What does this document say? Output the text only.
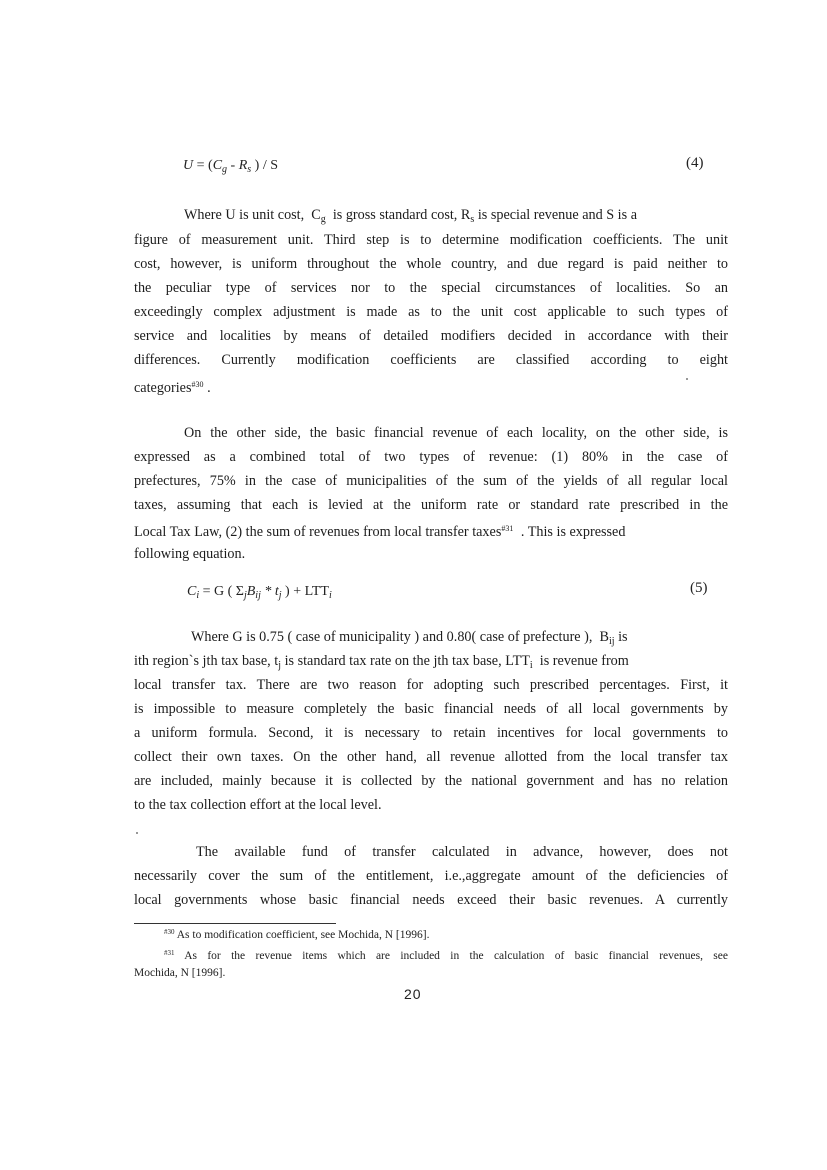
$U = (C_g - R_s$ ) / S	(4)
Where U is unit cost, $C_g$ is gross standard cost, $R_s$ is special revenue and S is a
figure of measurement unit. Third step is to determine modification coefficients. The unit
cost, however, is uniform throughout the whole country, and due regard is paid neither to
the peculiar type of services nor to the special circumstances of localities. So an
exceedingly complex adjustment is made as to the unit cost applicable to such types of
service and localities by means of detailed modifiers decided in accordance with their
differences. Currently modification coefficients are classified according to eight
categories$^{\#30}$ .
On the other side, the basic financial revenue of each locality, on the other side, is
expressed as a combined total of two types of revenue: (1) 80% in the case of
prefectures, 75% in the case of municipalities of the sum of the yields of all regular local
taxes, assuming that each is levied at the uniform rate or standard rate prescribed in the
Local Tax Law, (2) the sum of revenues from local transfer taxes$^{\#31}$ . This is expressed
following equation.
$C_i = G$ ( $\Sigma_jB_{ij} * t_j$ ) + $LTT_i$	(5)
Where G is 0.75 ( case of municipality ) and 0.80( case of prefecture ), $B_{ij}$ is
ith region`s jth tax base, $t_j$ is standard tax rate on the jth tax base, $LTT_i$ is revenue from
local transfer tax. There are two reason for adopting such prescribed percentages. First, it
is impossible to measure completely the basic financial needs of all local governments by
a uniform formula. Second, it is necessary to retain incentives for local governments to
collect their own taxes. On the other hand, all revenue allotted from the local transfer tax
are included, mainly because it is collected by the national government and has no relation
to the tax collection effort at the local level.
The available fund of transfer calculated in advance, however, does not
necessarily cover the sum of the entitlement, i.e.,aggregate amount of the deficiencies of
local governments whose basic financial needs exceed their basic revenues. A currently
$^{\#30}$ As to modification coefficient, see Mochida, N [1996].
$^{\#31}$ As for the revenue items which are included in the calculation of basic financial revenues, see
Mochida, N [1996].
20
